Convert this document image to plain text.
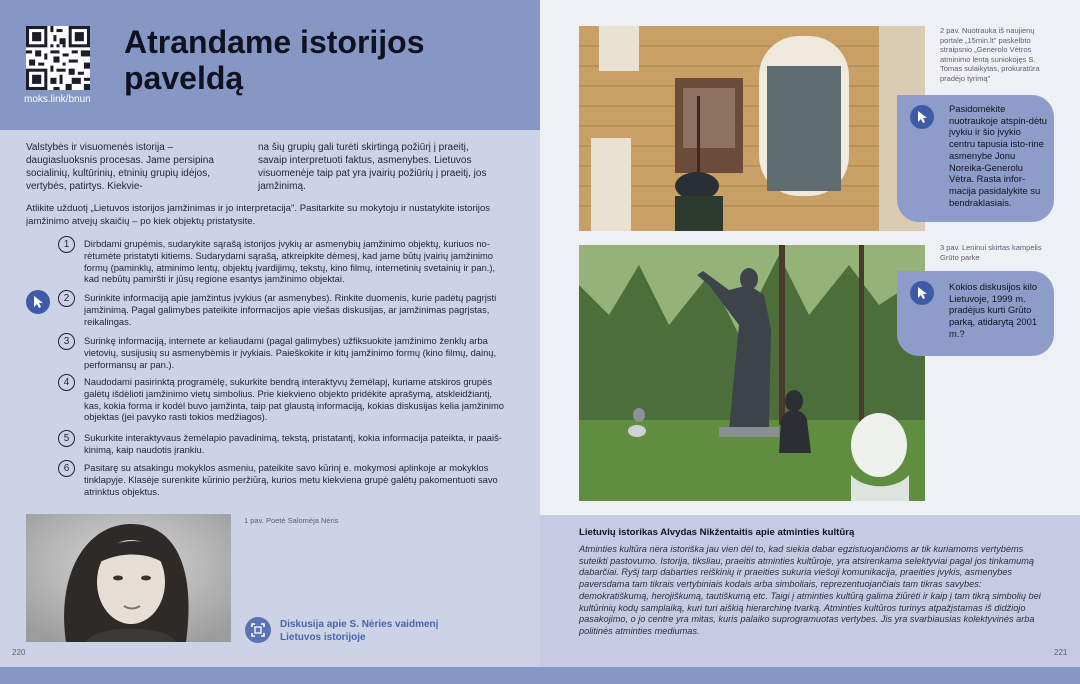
moks.link/bnun
Atrandame istorijos paveldą
Valstybės ir visuomenės istorija – daugiasluoksnis procesas. Jame persipina socialinių, kultūrinių, etninių grupių idėjos, vertybės, patirtys. Kiekvie-
na šių grupių gali turėti skirtingą požiūrį į praeitį, savaip interpretuoti faktus, asmenybes. Lietuvos visuomenėje taip pat yra įvairių požiūrių į praeitį, jos jamžinimą.
Atlikite užduotį „Lietuvos istorijos jamžinimas ir jo interpretacija". Pasitarkite su mokytoju ir nustatykite istorijos įamžinimo atvejų skaičių – po kiek objektų pristatysite.
1	Dirbdami grupėmis, sudarykite sąrašą istorijos įvykių ar asmenybių įamžinimo objektų, kuriuos no-rėtumėte pristatyti kitiems. Sudarydami sąrašą, atkreipkite dėmesį, kad jame būtų įvairių įamžinimo formų (paminklų, atminimo lentų, objektų įvardijimų, tekstų, kino filmų, internetinių svetainių ir pan.), kad nebūtų pamiršti ir jūsų regione esantys įamžinimo objektai.
2	Surinkite informaciją apie įamžintus įvykius (ar asmenybes). Rinkite duomenis, kurie padėtų pagrįsti įamžinimą. Pagal galimybes pateikite informacijos apie viešas diskusijas, ar įamžinimas pagrįstas, reikalingas.
3	Surinkę informaciją, internete ar keliaudami (pagal galimybes) užfiksuokite įamžinimo ženklų arba vietovių, susijusių su asmenybėmis ir įvykiais. Paieškokite ir kitų įamžinimo formų (kino filmų, dainų, performansų ar pan.).
4	Naudodami pasirinktą programėlę, sukurkite bendrą interaktyvų žemėlapį, kuriame atskiros grupės galėtų išdėlioti įamžinimo vietų simbolius. Prie kiekvieno objekto pridėkite aprašymą, atskleidžiantį, kas, kokia forma ir kodėl buvo įamžinta, taip pat glaustą informaciją, kokias diskusijas kelia įamžinimo objektas (jei pavyko rasti tokios medžiagos).
5	Sukurkite interaktyvaus žemėlapio pavadinimą, tekstą, pristatantį, kokia informacija pateikta, ir paaiš-kinimą, kaip naudotis įrankiu.
6	Pasitarę su atsakingu mokyklos asmeniu, pateikite savo kūrinį e. mokymosi aplinkoje ar mokyklos tinklapyje. Klasėje surenkite kūrinio peržiūrą, kurios metu kiekviena grupė galėtų pakomentuoti savo atrinktus objektus.
1 pav. Poetė Salomėja Nėris
Diskusija apie S. Nėries vaidmenį Lietuvos istorijoje
220
2 pav. Nuotrauka iš naujienų portale „15min.lt" paskelbto straipsnio „Generolo Vėtros atminimo lentą suniokojęs S. Tomas sulaikytas, prokuratūra pradėjo tyrimą"
Pasidomėkite nuotraukoje atspin-dėtu įvykiu ir šio įvykio centru tapusia isto-rine asmenybe Jonu Noreika-Generolu Vėtra. Rasta infor-macija pasidalykite su bendraklasiais.
3 pav. Leninui skirtas kampelis Grūto parke
Kokios diskusijos kilo Lietuvoje, 1999 m. pradėjus kurti Grūto parką, atidarytą 2001 m.?
Lietuvių istorikas Alvydas Nikžentaitis apie atminties kultūrą
Atminties kultūra nėra istoriška jau vien dėl to, kad siekia dabar egzistuojančioms ar tik kuriamoms vertybėms suteikti pastovumo. Istorija, tiksliau, praeitis atminties kultūroje, yra atsirenkama selektyviai pagal jos tinkamumą dabarčiai. Ryšį tarp dabarties reiškinių ir praeities sukuria viešoji komunikacija, praeities įvykis, asmenybes paversdama tam tikrais vertybiniais kodais arba simboliais, reprezentuojančiais tam tikras savybes: demokratiškumą, herojiškumą, tautiškumą etc. Taigi į atminties kultūrą galima žiūrėti ir kaip į tam tikrą simbolių bei kultūrinių kodų samplaiką, kuri turi aiškią hierarchinę tvarką. Atminties kultūros turinys atpažįstamas iš didžiojo pasakojimo, o jo centre yra mitas, kuris palaiko suprogramuotas vertybes. Jis yra svarbiausias kolektyvinės arba politinės atminties mediumas.
221
